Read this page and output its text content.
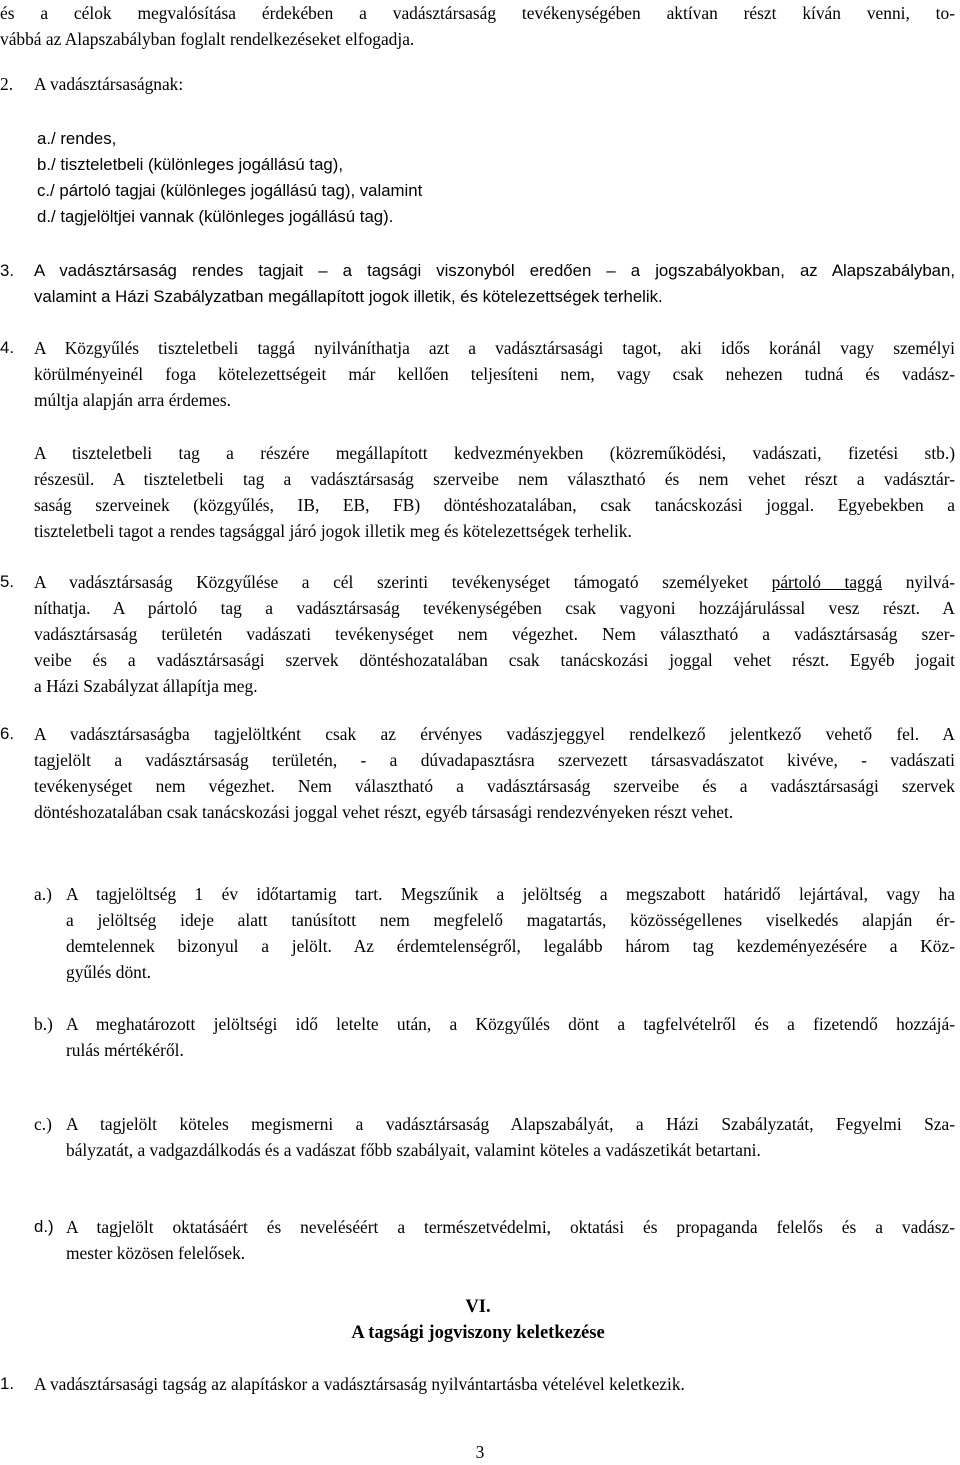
és a célok megvalósítása érdekében a vadásztársaság tevékenységében aktívan részt kíván venni, to-
vábbá az Alapszabályban foglalt rendelkezéseket elfogadja.
2. A vadásztársaságnak:
a./ rendes,
b./ tiszteletbeli (különleges jogállású tag),
c./ pártoló tagjai (különleges jogállású tag), valamint
d./ tagjelöltjei vannak (különleges jogállású tag).
3. A vadásztársaság rendes tagjait – a tagsági viszonyból eredően – a jogszabályokban, az Alapszabályban,
valamint a Házi Szabályzatban megállapított jogok illetik, és kötelezettségek terhelik.
4. A Közgyűlés tiszteletbeli taggá nyilváníthatja azt a vadásztársasági tagot, aki idős koránál vagy személyi
körülményeinél foga kötelezettségeit már kellően teljesíteni nem, vagy csak nehezen tudná és vadász-
múltja alapján arra érdemes.
A tiszteletbeli tag a részére megállapított kedvezményekben (közreműködési, vadászati, fizetési stb.)
részesül. A tiszteletbeli tag a vadásztársaság szerveibe nem választható és nem vehet részt a vadásztár-
saság szerveinek (közgyűlés, IB, EB, FB) döntéshozatalában, csak tanácskozási joggal. Egyebekben a
tiszteletbeli tagot a rendes tagsággal járó jogok illetik meg és kötelezettségek terhelik.
5. A vadásztársaság Közgyűlése a cél szerinti tevékenységet támogató személyeket pártoló taggá nyilvá-
níthatja. A pártoló tag a vadásztársaság tevékenységében csak vagyoni hozzájárulással vesz részt. A
vadásztársaság területén vadászati tevékenységet nem végezhet. Nem választható a vadásztársaság szer-
veibe és a vadásztársasági szervek döntéshozatalában csak tanácskozási joggal vehet részt. Egyéb jogait
a Házi Szabályzat állapítja meg.
6. A vadásztársaságba tagjelöltként csak az érvényes vadászjeggyel rendelkező jelentkező vehető fel. A
tagjelölt a vadásztársaság területén, - a dúvadapasztásra szervezett társasvadászatot kivéve, - vadászati
tevékenységet nem végezhet. Nem választható a vadásztársaság szerveibe és a vadásztársasági szervek
döntéshozatalában csak tanácskozási joggal vehet részt, egyéb társasági rendezvényeken részt vehet.
a.) A tagjelöltség 1 év időtartamig tart. Megszűnik a jelöltség a megszabott határidő lejártával, vagy ha
a jelöltség ideje alatt tanúsított nem megfelelő magatartás, közösségellenes viselkedés alapján ér-
demtelennek bizonyul a jelölt. Az érdemtelenségről, legalább három tag kezdeményezésére a Köz-
gyűlés dönt.
b.) A meghatározott jelöltségi idő letelte után, a Közgyűlés dönt a tagfelvételről és a fizetendő hozzájá-
rulás mértékéről.
c.) A tagjelölt köteles megismerni a vadásztársaság Alapszabályát, a Házi Szabályzatát, Fegyelmi Sza-
bályzatát, a vadgazdálkodás és a vadászat főbb szabályait, valamint köteles a vadászetikát betartani.
d.) A tagjelölt oktatásáért és neveléséért a természetvédelmi, oktatási és propaganda felelős és a vadász-
mester közösen felelősek.
VI.
A tagsági jogviszony keletkezése
1. A vadásztársasági tagság az alapításkor a vadásztársaság nyilvántartásba vételével keletkezik.
3
